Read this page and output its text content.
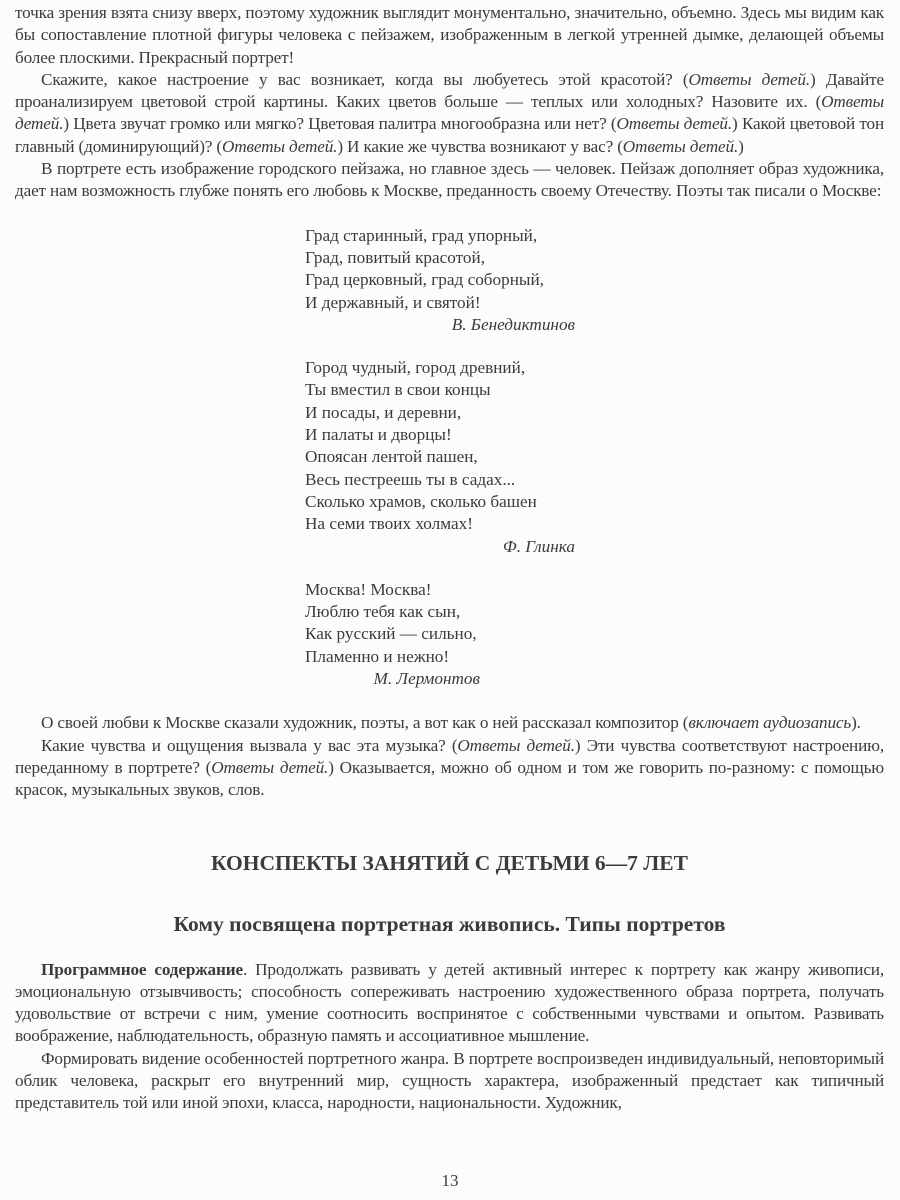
точка зрения взята снизу вверх, поэтому художник выглядит монументально, значительно, объемно. Здесь мы видим как бы сопоставление плотной фигуры человека с пейзажем, изображенным в легкой утренней дымке, делающей объемы более плоскими. Прекрасный портрет!

Скажите, какое настроение у вас возникает, когда вы любуетесь этой красотой? (Ответы детей.) Давайте проанализируем цветовой строй картины. Каких цветов больше — теплых или холодных? Назовите их. (Ответы детей.) Цвета звучат громко или мягко? Цветовая палитра многообразна или нет? (Ответы детей.) Какой цветовой тон главный (доминирующий)? (Ответы детей.) И какие же чувства возникают у вас? (Ответы детей.)

В портрете есть изображение городского пейзажа, но главное здесь — человек. Пейзаж дополняет образ художника, дает нам возможность глубже понять его любовь к Москве, преданность своему Отечеству. Поэты так писали о Москве:

Град старинный, град упорный,
Град, повитый красотой,
Град церковный, град соборный,
И державный, и святой!
В. Бенедиктинов
Город чудный, город древний,
Ты вместил в свои концы
И посады, и деревни,
И палаты и дворцы!
Опоясан лентой пашен,
Весь пестреешь ты в садах...
Сколько храмов, сколько башен
На семи твоих холмах!
Ф. Глинка
Москва! Москва!
Люблю тебя как сын,
Как русский — сильно,
Пламенно и нежно!
М. Лермонтов

О своей любви к Москве сказали художник, поэты, а вот как о ней рассказал композитор (включает аудиозапись).

Какие чувства и ощущения вызвала у вас эта музыка? (Ответы детей.) Эти чувства соответствуют настроению, переданному в портрете? (Ответы детей.) Оказывается, можно об одном и том же говорить по-разному: с помощью красок, музыкальных звуков, слов.

КОНСПЕКТЫ ЗАНЯТИЙ С ДЕТЬМИ 6—7 ЛЕТ
Кому посвящена портретная живопись. Типы портретов

Программное содержание. Продолжать развивать у детей активный интерес к портрету как жанру живописи, эмоциональную отзывчивость; способность сопереживать настроению художественного образа портрета, получать удовольствие от встречи с ним, умение соотносить воспринятое с собственными чувствами и опытом. Развивать воображение, наблюдательность, образную память и ассоциативное мышление.

Формировать видение особенностей портретного жанра. В портрете воспроизведен индивидуальный, неповторимый облик человека, раскрыт его внутренний мир, сущность характера, изображенный предстает как типичный представитель той или иной эпохи, класса, народности, национальности. Художник,

13
